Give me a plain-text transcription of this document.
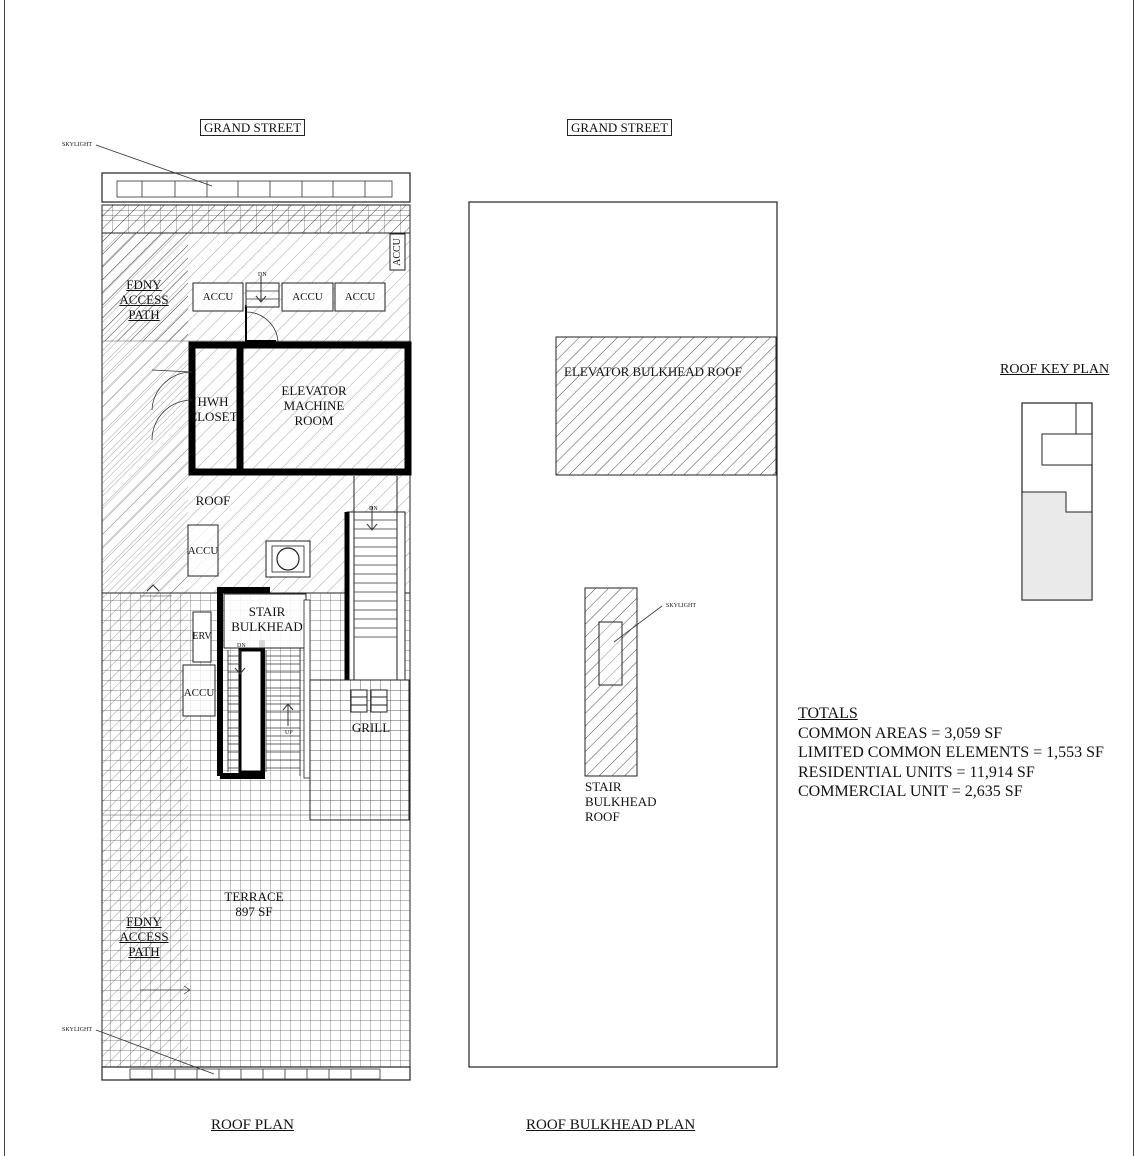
GRAND STREET	GRAND STREET
SKYLIGHT
SKYLIGHT
FDNY
ACCESS
PATH
FDNY
ACCESS
PATH
ACCU	ACCU	ACCU
ACCU
ACCU
ACCU
HWH
CLOSET
ELEVATOR
MACHINE
ROOM
ROOF
STAIR
BULKHEAD
ERV
GRILL
DN
UP
DN
DN
TERRACE
897 SF
ELEVATOR BULKHEAD ROOF
SKYLIGHT
STAIR
BULKHEAD
ROOF
ROOF KEY PLAN
TOTALS
COMMON AREAS = 3,059 SF
LIMITED COMMON ELEMENTS = 1,553 SF
RESIDENTIAL UNITS = 11,914 SF
COMMERCIAL UNIT = 2,635 SF
ROOF PLAN	ROOF BULKHEAD PLAN
